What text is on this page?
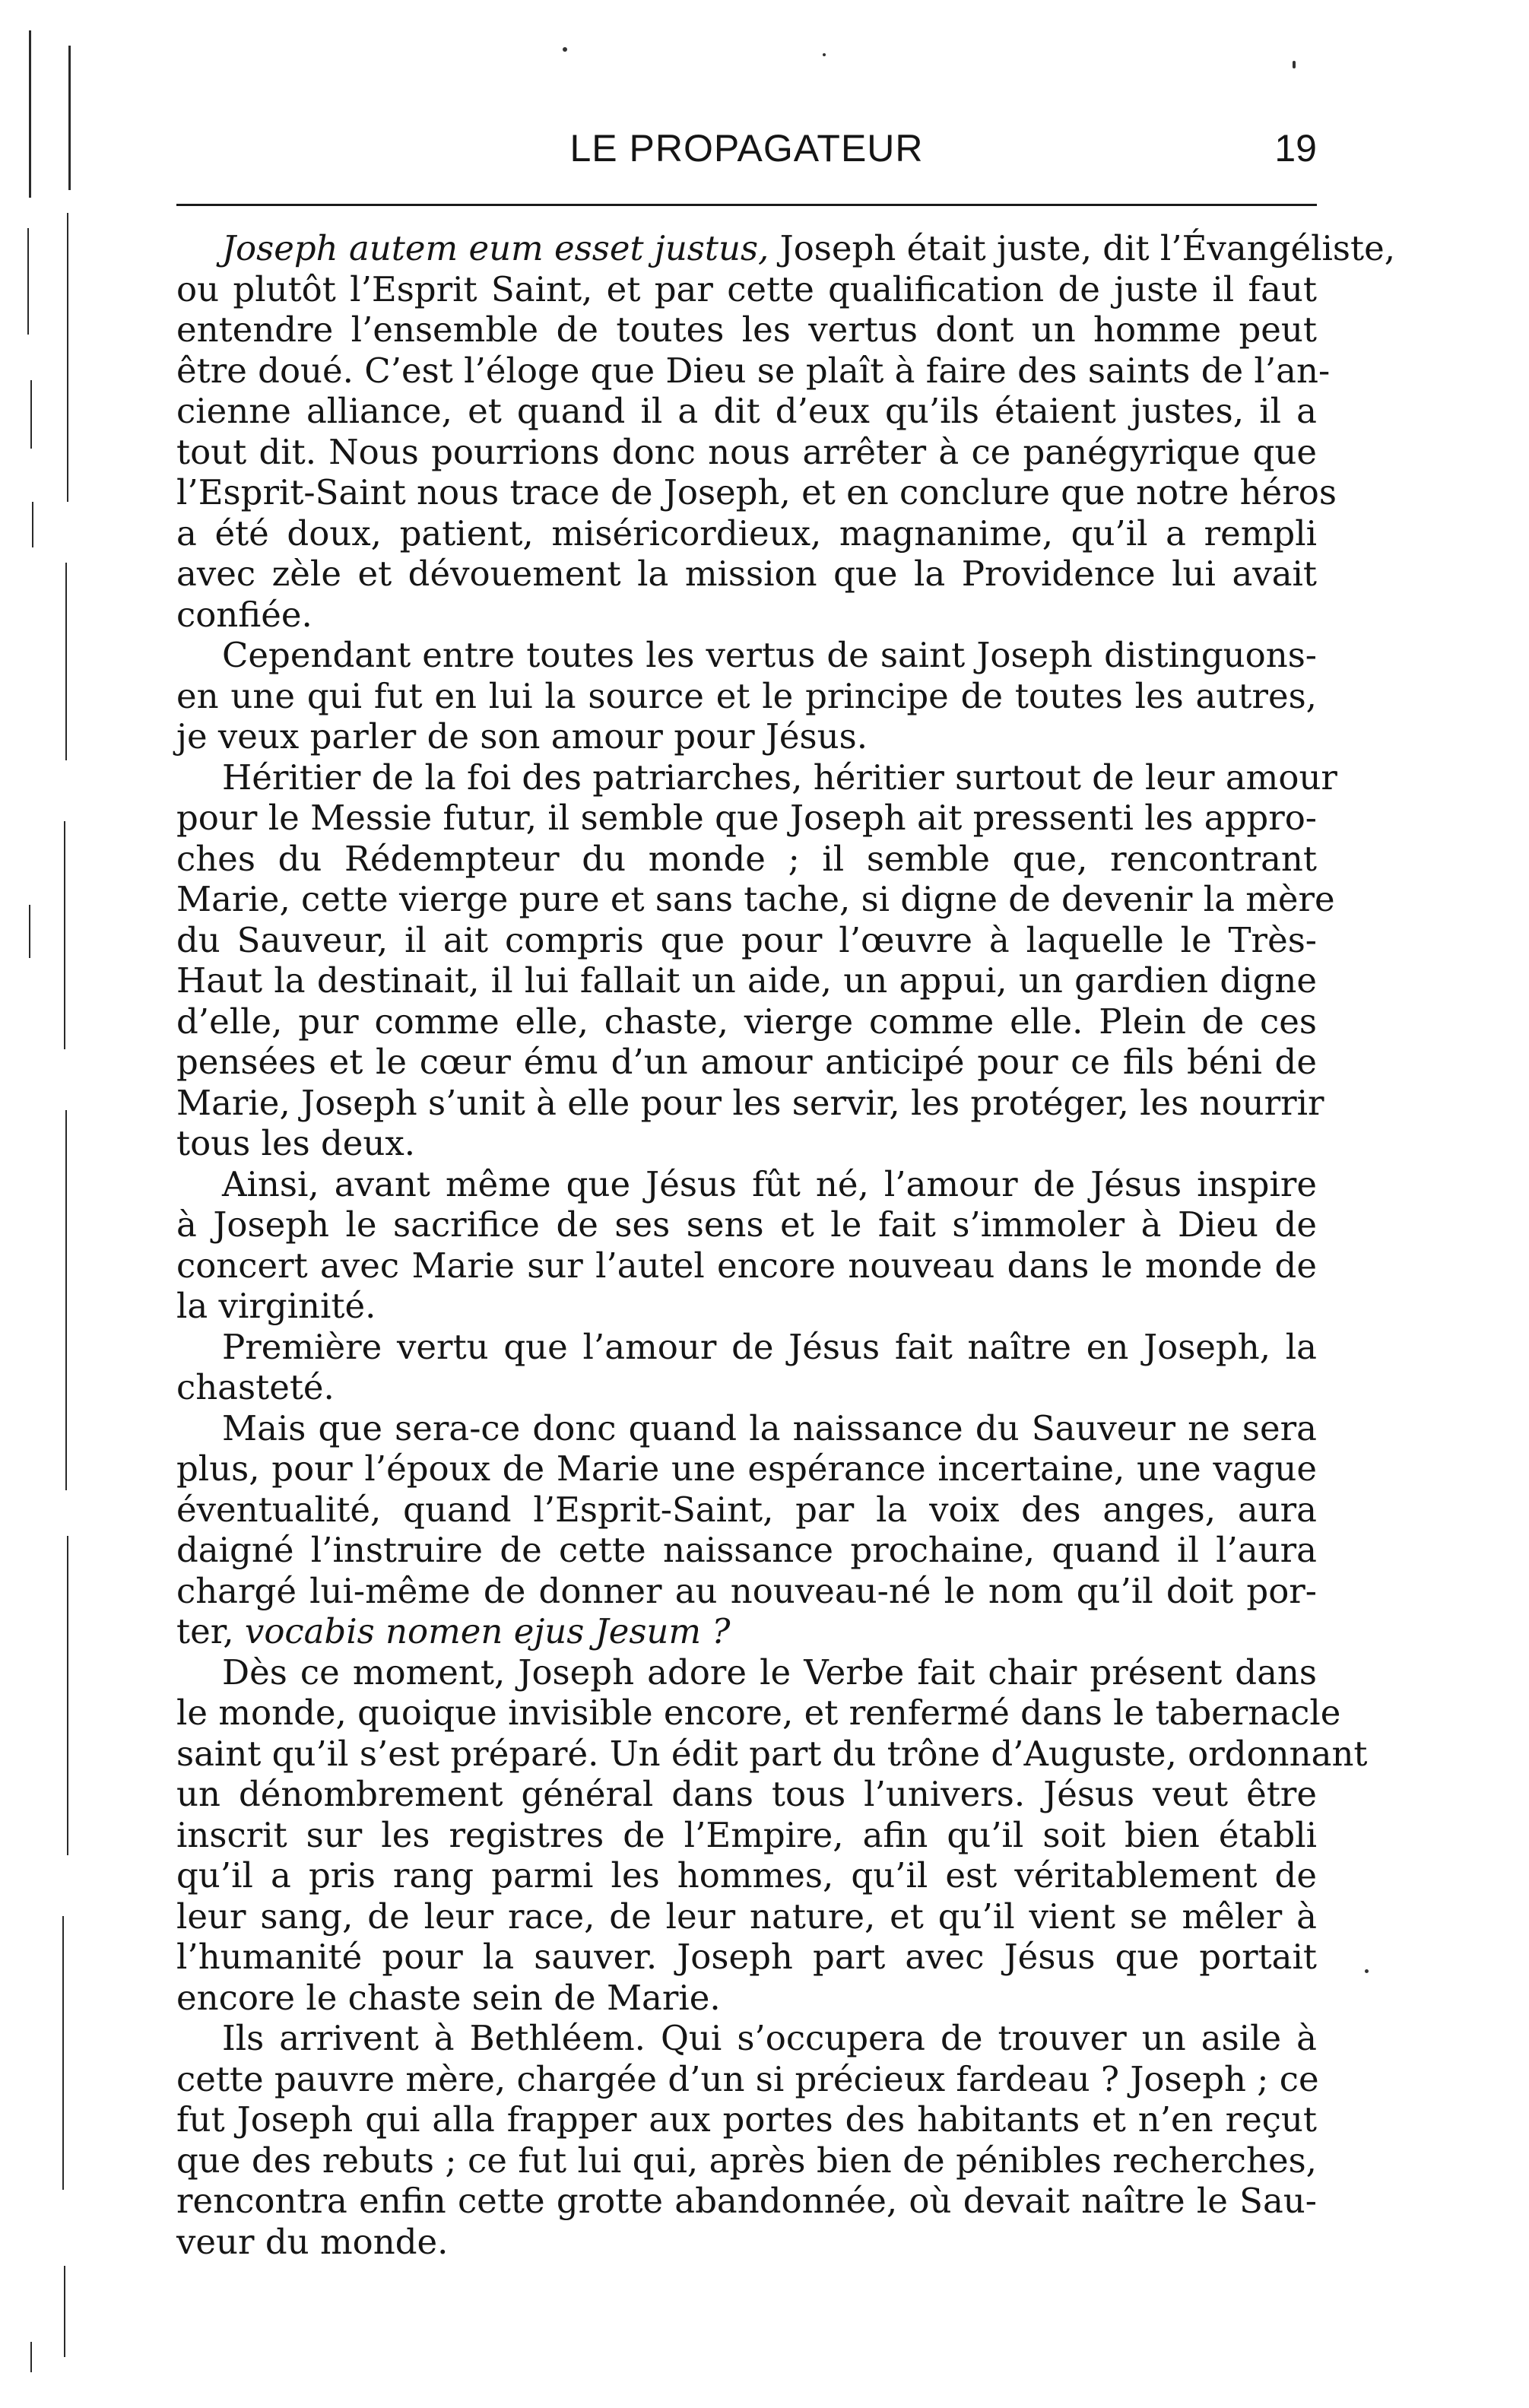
LE PROPAGATEUR	19
Joseph autem eum esset justus, Joseph était juste, dit l’Évangéliste,
ou plutôt l’Esprit Saint, et par cette qualification de juste il faut
entendre l’ensemble de toutes les vertus dont un homme peut
être doué. C’est l’éloge que Dieu se plaît à faire des saints de l’an-
cienne alliance, et quand il a dit d’eux qu’ils étaient justes, il a
tout dit. Nous pourrions donc nous arrêter à ce panégyrique que
l’Esprit-Saint nous trace de Joseph, et en conclure que notre héros
a été doux, patient, miséricordieux, magnanime, qu’il a rempli
avec zèle et dévouement la mission que la Providence lui avait
confiée.
Cependant entre toutes les vertus de saint Joseph distinguons-
en une qui fut en lui la source et le principe de toutes les autres,
je veux parler de son amour pour Jésus.
Héritier de la foi des patriarches, héritier surtout de leur amour
pour le Messie futur, il semble que Joseph ait pressenti les appro-
ches du Rédempteur du monde ; il semble que, rencontrant
Marie, cette vierge pure et sans tache, si digne de devenir la mère
du Sauveur, il ait compris que pour l’œuvre à laquelle le Très-
Haut la destinait, il lui fallait un aide, un appui, un gardien digne
d’elle, pur comme elle, chaste, vierge comme elle. Plein de ces
pensées et le cœur ému d’un amour anticipé pour ce fils béni de
Marie, Joseph s’unit à elle pour les servir, les protéger, les nourrir
tous les deux.
Ainsi, avant même que Jésus fût né, l’amour de Jésus inspire
à Joseph le sacrifice de ses sens et le fait s’immoler à Dieu de
concert avec Marie sur l’autel encore nouveau dans le monde de
la virginité.
Première vertu que l’amour de Jésus fait naître en Joseph, la
chasteté.
Mais que sera-ce donc quand la naissance du Sauveur ne sera
plus, pour l’époux de Marie une espérance incertaine, une vague
éventualité, quand l’Esprit-Saint, par la voix des anges, aura
daigné l’instruire de cette naissance prochaine, quand il l’aura
chargé lui-même de donner au nouveau-né le nom qu’il doit por-
ter, vocabis nomen ejus Jesum ?
Dès ce moment, Joseph adore le Verbe fait chair présent dans
le monde, quoique invisible encore, et renfermé dans le tabernacle
saint qu’il s’est préparé. Un édit part du trône d’Auguste, ordonnant
un dénombrement général dans tous l’univers. Jésus veut être
inscrit sur les registres de l’Empire, afin qu’il soit bien établi
qu’il a pris rang parmi les hommes, qu’il est véritablement de
leur sang, de leur race, de leur nature, et qu’il vient se mêler à
l’humanité pour la sauver. Joseph part avec Jésus que portait
encore le chaste sein de Marie.
Ils arrivent à Bethléem. Qui s’occupera de trouver un asile à
cette pauvre mère, chargée d’un si précieux fardeau ? Joseph ; ce
fut Joseph qui alla frapper aux portes des habitants et n’en reçut
que des rebuts ; ce fut lui qui, après bien de pénibles recherches,
rencontra enfin cette grotte abandonnée, où devait naître le Sau-
veur du monde.
